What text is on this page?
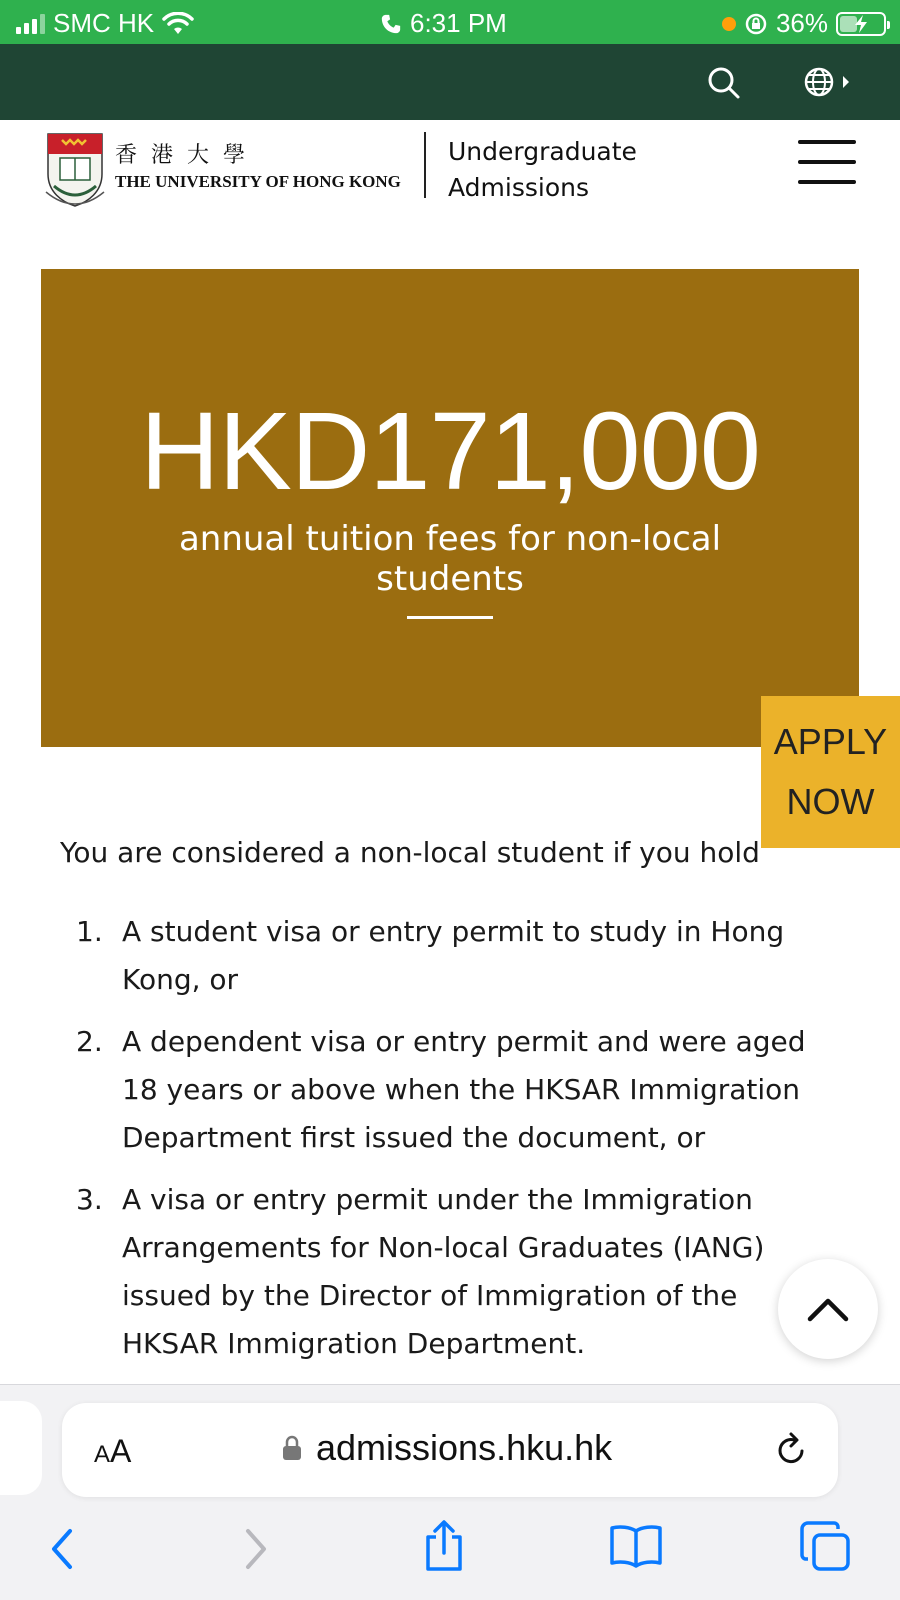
SMC HK	6:31 PM	36%
香港大學
THE UNIVERSITY OF HONG KONG
Undergraduate
Admissions
HKD171,000
annual tuition fees for non-local students
APPLY
NOW
You are considered a non-local student if you hold
1. A student visa or entry permit to study in Hong Kong, or
2. A dependent visa or entry permit and were aged 18 years or above when the HKSAR Immigration Department first issued the document, or
3. A visa or entry permit under the Immigration Arrangements for Non-local Graduates (IANG) issued by the Director of Immigration of the HKSAR Immigration Department.
AA	admissions.hku.hk
